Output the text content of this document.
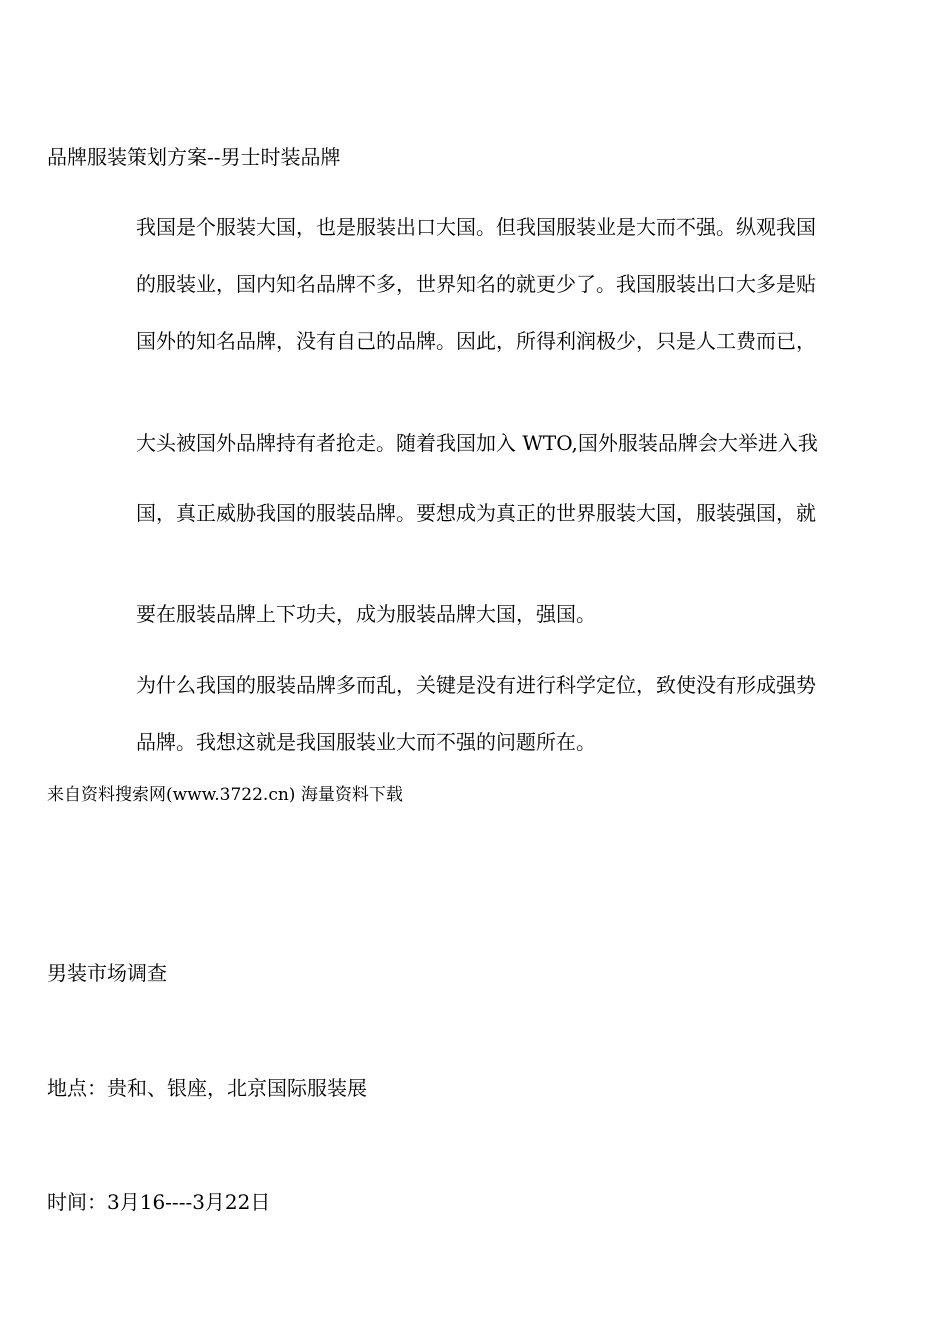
品牌服装策划方案--男士时装品牌
我国是个服装大国，也是服装出口大国。但我国服装业是大而不强。纵观我国
的服装业，国内知名品牌不多，世界知名的就更少了。我国服装出口大多是贴
国外的知名品牌，没有自己的品牌。因此，所得利润极少，只是人工费而已，
大头被国外品牌持有者抢走。随着我国加入 WTO,国外服装品牌会大举进入我
国，真正威胁我国的服装品牌。要想成为真正的世界服装大国，服装强国，就
要在服装品牌上下功夫，成为服装品牌大国，强国。
为什么我国的服装品牌多而乱，关键是没有进行科学定位，致使没有形成强势
品牌。我想这就是我国服装业大而不强的问题所在。
来自资料搜索网(www.3722.cn) 海量资料下载
男装市场调查
地点：贵和、银座，北京国际服装展
时间：3月16----3月22日
